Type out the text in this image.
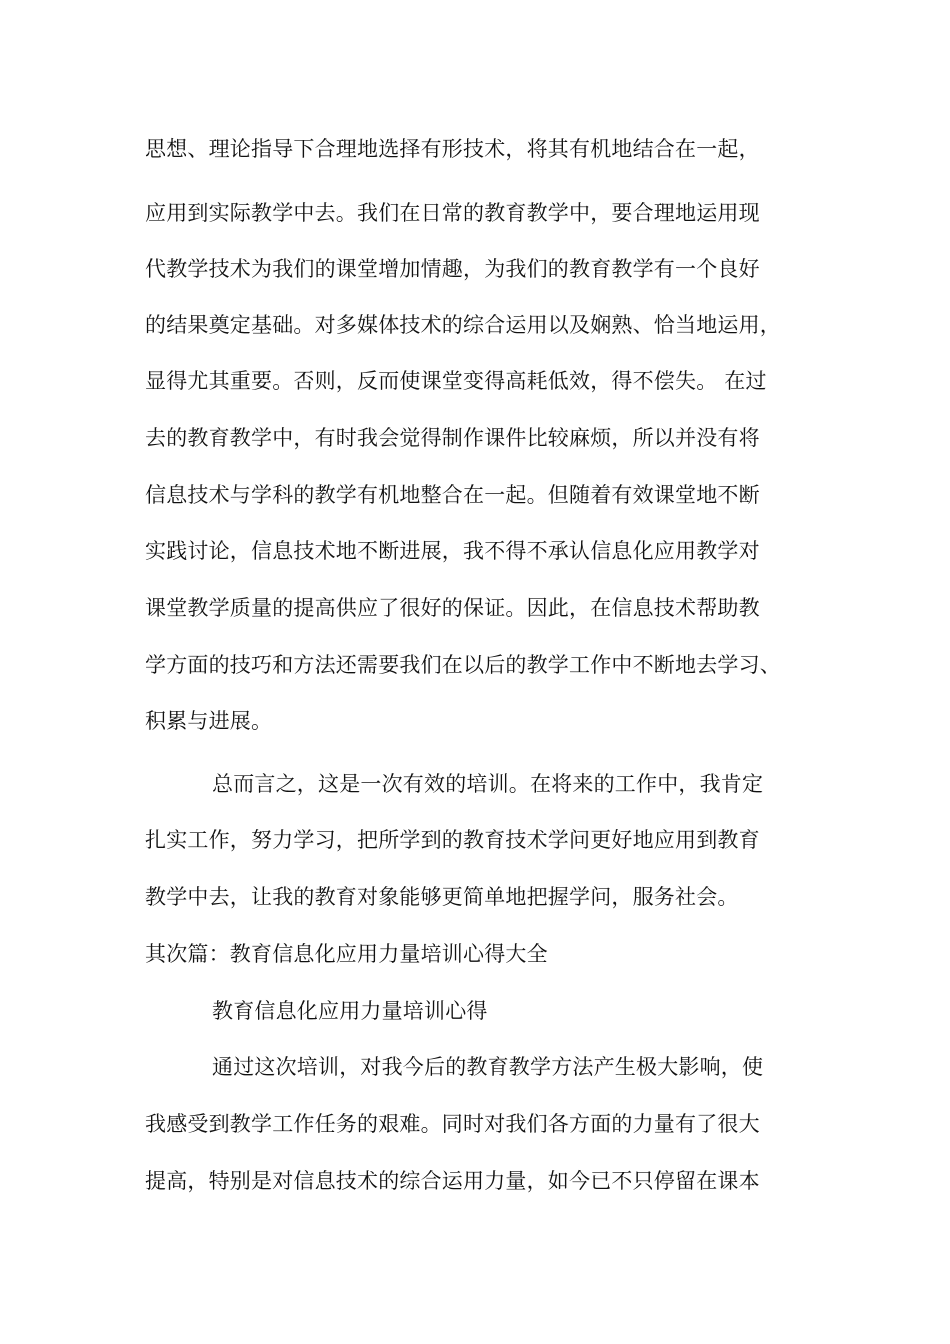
思想、理论指导下合理地选择有形技术，将其有机地结合在一起，
应用到实际教学中去。我们在日常的教育教学中，要合理地运用现
代教学技术为我们的课堂增加情趣，为我们的教育教学有一个良好
的结果奠定基础。对多媒体技术的综合运用以及娴熟、恰当地运用，
显得尤其重要。否则，反而使课堂变得高耗低效，得不偿失。 在过
去的教育教学中，有时我会觉得制作课件比较麻烦，所以并没有将
信息技术与学科的教学有机地整合在一起。但随着有效课堂地不断
实践讨论，信息技术地不断进展，我不得不承认信息化应用教学对
课堂教学质量的提高供应了很好的保证。因此，在信息技术帮助教
学方面的技巧和方法还需要我们在以后的教学工作中不断地去学习、
积累与进展。
总而言之，这是一次有效的培训。在将来的工作中，我肯定
扎实工作，努力学习，把所学到的教育技术学问更好地应用到教育
教学中去，让我的教育对象能够更简单地把握学问，服务社会。
其次篇：教育信息化应用力量培训心得大全
教育信息化应用力量培训心得
通过这次培训，对我今后的教育教学方法产生极大影响，使
我感受到教学工作任务的艰难。同时对我们各方面的力量有了很大
提高，特别是对信息技术的综合运用力量，如今已不只停留在课本
